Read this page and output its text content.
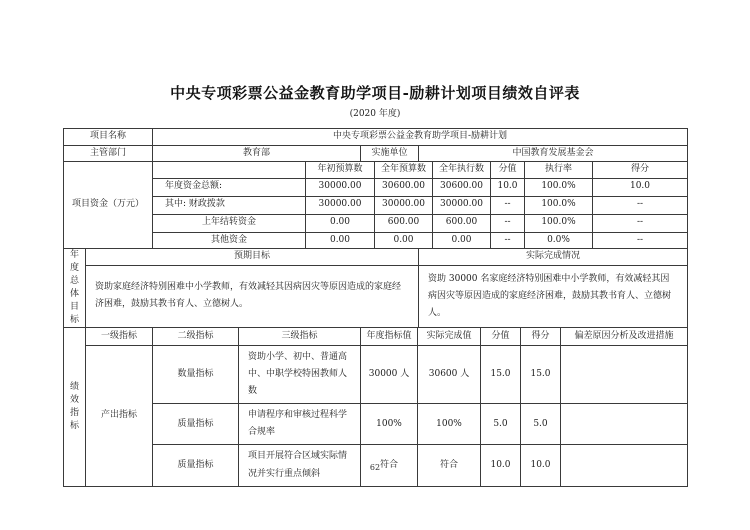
中央专项彩票公益金教育助学项目-励耕计划项目绩效自评表
(2020 年度)
项目名称	中央专项彩票公益金教育助学项目-励耕计划		
主管部门	教育部	实施单位	中国教育发展基金会
项目资金（万元）		年初预算数	全年预算数	全年执行数	分值	执行率	得分
	年度资金总额:	30000.00	30600.00	30600.00	10.0	100.0%	10.0
	其中: 财政拨款	30000.00	30000.00	30000.00	--	100.0%	--
	上年结转资金	0.00	600.00	600.00	--	100.0%	--
	其他资金	0.00	0.00	0.00	--	0.0%	--
年度总体目标	预期目标	实际完成情况
	资助家庭经济特别困难中小学教师，有效减轻其因病因灾等原因造成的家庭经济困难，鼓励其教书育人、立德树人。	资助 30000 名家庭经济特别困难中小学教师，有效减轻其因病因灾等原因造成的家庭经济困难，鼓励其教书育人、立德树人。
绩效指标	一级指标	二级指标	三级指标	年度指标值	实际完成值	分值	得分	偏差原因分析及改进措施
	产出指标	数量指标	资助小学、初中、普通高中、中职学校特困教师人数	30000 人	30600 人	15.0	15.0	
		质量指标	申请程序和审核过程科学合规率	100%	100%	5.0	5.0	
		质量指标	项目开展符合区域实际情况并实行重点倾斜	符合	符合	10.0	10.0	
62
